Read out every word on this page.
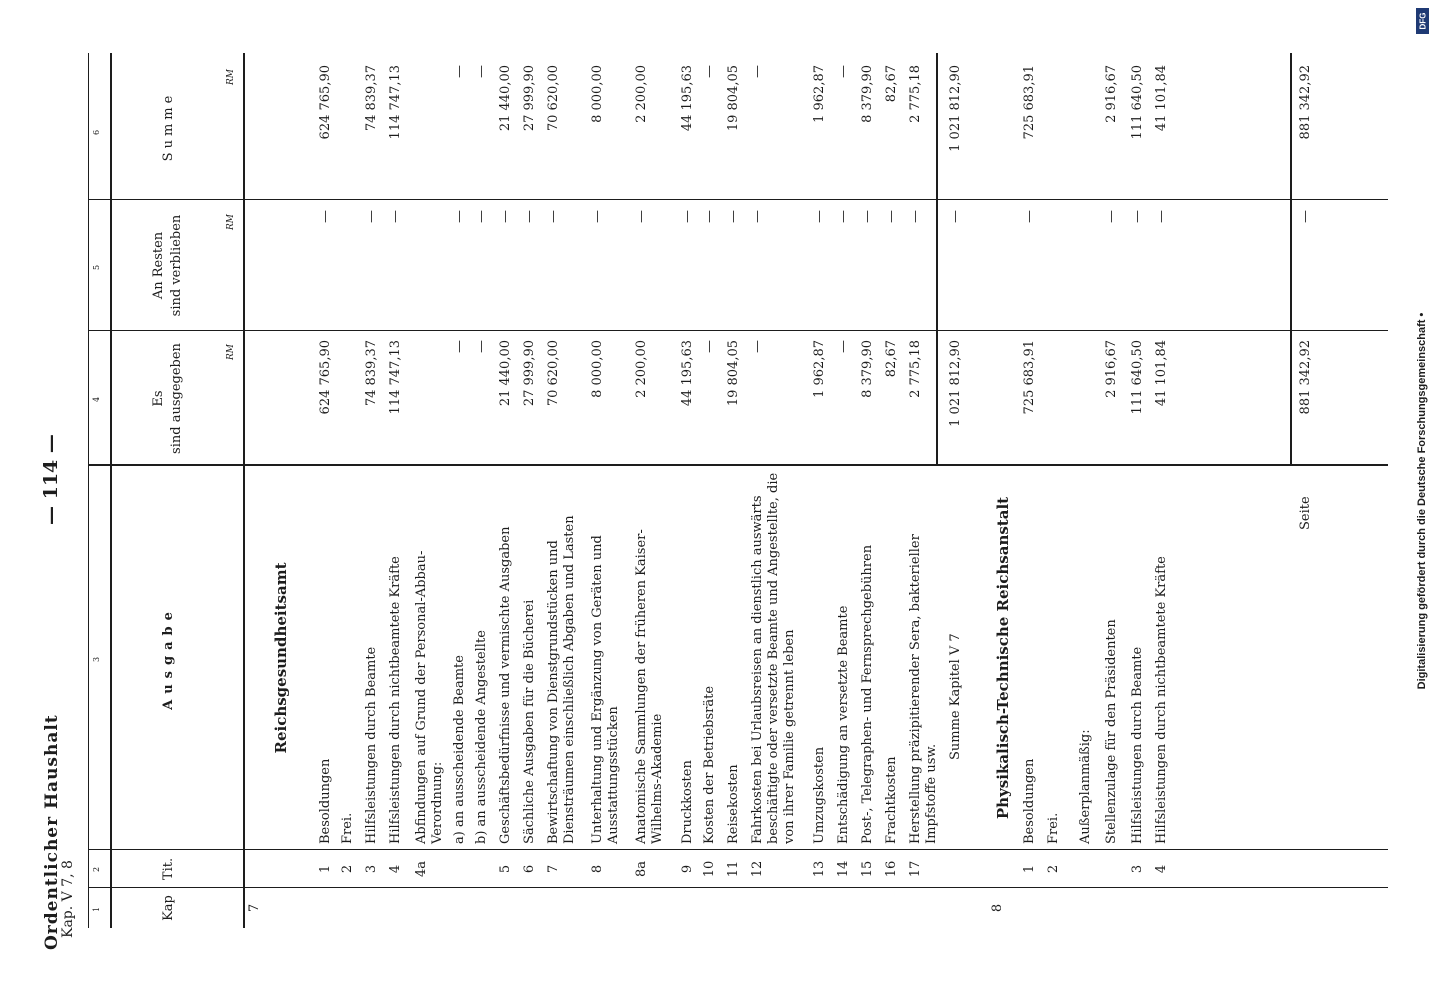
Ordentlicher Haushalt
Kap. V 7, 8
— 114 —
1
2
3
4
5
6
Kap
Tit.
Ausgabe
Es sind ausgegeben
An Resten sind verblieben
Summe
RM
RM
RM
7
Reichsgesundheitsamt
1
Besoldungen
624 765,90
—
624 765,90
2
Frei.
3
Hilfsleistungen durch Beamte
74 839,37
—
74 839,37
4
Hilfsleistungen durch nichtbeamtete Kräfte
114 747,13
—
114 747,13
4a
Abfindungen auf Grund der Personal-Abbau-Verordnung: a) an ausscheidende Beamte
—
—
—
b) an ausscheidende Angestellte
—
—
—
5
Geschäftsbedürfnisse und vermischte Ausgaben
21 440,00
—
21 440,00
6
Sächliche Ausgaben für die Bücherei
27 999,90
—
27 999,90
7
Bewirtschaftung von Dienstgrundstücken und Diensträumen einschließlich Abgaben und Lasten
70 620,00
—
70 620,00
8
Unterhaltung und Ergänzung von Geräten und Ausstattungsstücken
8 000,00
—
8 000,00
8a
Anatomische Sammlungen der früheren Kaiser-Wilhelms-Akademie
2 200,00
—
2 200,00
9
Druckkosten
44 195,63
—
44 195,63
10
Kosten der Betriebsräte
—
—
—
11
Reisekosten
19 804,05
—
19 804,05
12
Fahrkosten bei Urlaubsreisen an dienstlich auswärts beschäftigte oder versetzte Beamte und Angestellte, die von ihrer Familie getrennt leben
—
—
—
13
Umzugskosten
1 962,87
—
1 962,87
14
Entschädigung an versetzte Beamte
—
—
—
15
Post-, Telegraphen- und Fernsprechgebühren
8 379,90
—
8 379,90
16
Frachtkosten
82,67
—
82,67
17
Herstellung präzipitierender Sera, bakterieller Impfstoffe usw.
2 775,18
—
2 775,18
Summe Kapitel V 7
1 021 812,90
—
1 021 812,90
8
Physikalisch-Technische Reichsanstalt
1
Besoldungen
725 683,91
—
725 683,91
2
Frei. Außerplanmäßig: Stellenzulage für den Präsidenten
2 916,67
—
2 916,67
3
Hilfsleistungen durch Beamte
111 640,50
—
111 640,50
4
Hilfsleistungen durch nichtbeamtete Kräfte
41 101,84
—
41 101,84
Seite
881 342,92
—
881 342,92
Digitalisierung gefördert durch die Deutsche Forschungsgemeinschaft •
DFG
